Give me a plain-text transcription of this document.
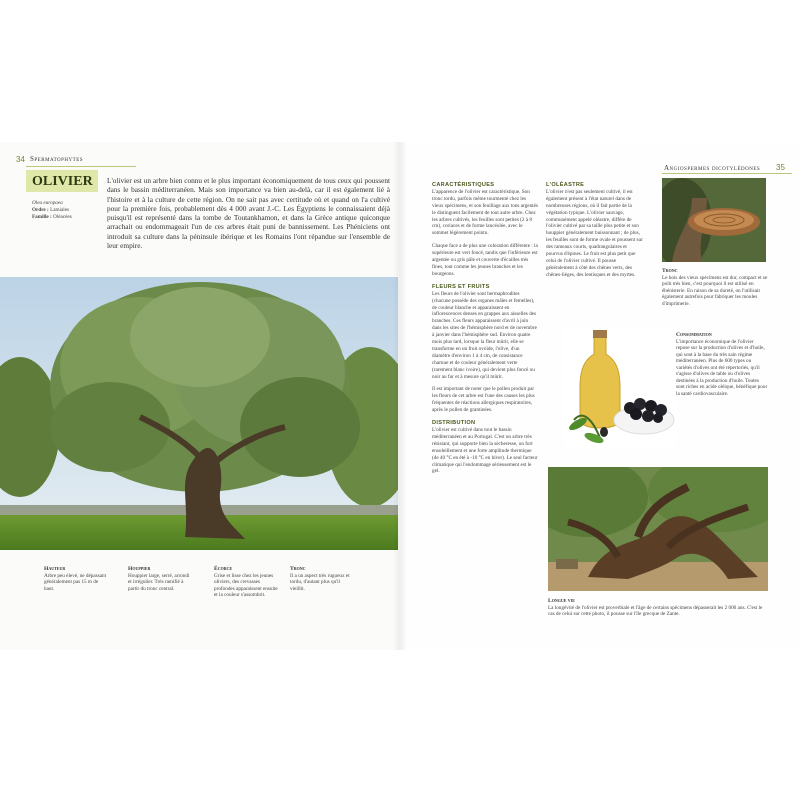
34 Spermatophytes
OLIVIER
Olea europaea
Ordre : Lamiales
Famille : Oléacées
L'olivier est un arbre bien connu et le plus important économiquement de tous ceux qui poussent dans le bassin méditerranéen. Mais son importance va bien au-delà, car il est également lié à l'histoire et à la culture de cette région. On ne sait pas avec certitude où et quand on l'a cultivé pour la première fois, probablement dès 4 000 avant J.-C. Les Égyptiens le connaissaient déjà puisqu'il est représenté dans la tombe de Toutankhamon, et dans la Grèce antique quiconque arrachait ou endommageait l'un de ces arbres était puni de bannissement. Les Phéniciens ont introduit sa culture dans la péninsule ibérique et les Romains l'ont répandue sur l'ensemble de leur empire.
Hauteur
Arbre peu élevé, ne dépassant généralement pas 15 m de haut.
Houppier
Houppier large, serré, arrondi et irrégulier. Très ramifié à partir du tronc central.
Écorce
Grise et lisse chez les jeunes oliviers, des crevasses profondes apparaissent ensuite et la couleur s'assombrit.
Tronc
Il a un aspect très rugueux et tordu, d'autant plus qu'il vieillit.
Angiospermes dicotylédones 35
CARACTÉRISTIQUES
L'apparence de l'olivier est caractéristique. Son tronc tordu, parfois même tourmenté chez les vieux spécimens, et son feuillage aux tons argentés le distinguent facilement de tout autre arbre. Chez les arbres cultivés, les feuilles sont petites (2 à 8 cm), coriaces et de forme lancéolée, avec le sommet légèrement pointu.
Chaque face a de plus une coloration différente : la supérieure est vert foncé, tandis que l'inférieure est argentée ou gris pâle et couverte d'écailles très fines, tout comme les jeunes branches et les bourgeons.
FLEURS ET FRUITS
Les fleurs de l'olivier sont hermaphrodites (chacune possède des organes mâles et femelles), de couleur blanche et apparaissent en inflorescences denses en grappes aux aisselles des branches. Ces fleurs apparaissent d'avril à juin dans les sites de l'hémisphère nord et de novembre à janvier dans l'hémisphère sud. Environ quatre mois plus tard, lorsque la fleur mûrit, elle se transforme en un fruit ovoïde, l'olive, d'un diamètre d'environ 1 à 4 cm, de consistance charnue et de couleur généralement verte (rarement blanc ivoire), qui devient plus foncé ou noir au fur et à mesure qu'il mûrit.
Il est important de noter que le pollen produit par les fleurs de cet arbre est l'une des causes les plus fréquentes de réactions allergiques respiratoires, après le pollen de graminées.
DISTRIBUTION
L'olivier est cultivé dans tout le bassin méditerranéen et au Portugal. C'est un arbre très résistant, qui supporte bien la sécheresse, un fort ensoleillement et une forte amplitude thermique (de 40 °C en été à -10 °C en hiver). Le seul facteur climatique qui l'endommage sérieusement est le gel.
L'OLÉASTRE
L'olivier n'est pas seulement cultivé, il est également présent à l'état naturel dans de nombreuses régions, où il fait partie de la végétation typique. L'olivier sauvage, communément appelé oléastre, diffère de l'olivier cultivé par sa taille plus petite et son houppier généralement buissonnant ; de plus, les feuilles sont de forme ovale et poussent sur des rameaux courts, quadrangulaires et pourvus d'épines. Le fruit est plus petit que celui de l'olivier cultivé. Il pousse généralement à côté des chênes verts, des chênes-lièges, des lentisques et des myrtes.
Tronc
Le bois des vieux spécimens est dur, compact et se polit très bien, c'est pourquoi il est utilisé en ébénisterie. En raison de sa dureté, on l'utilisait également autrefois pour fabriquer les moules d'imprimerie.
Consommation
L'importance économique de l'olivier repose sur la production d'olives et d'huile, qui sont à la base du très sain régime méditerranéen. Plus de 600 types ou variétés d'olives ont été répertoriés, qu'il s'agisse d'olives de table ou d'olives destinées à la production d'huile. Toutes sont riches en acide oléique, bénéfique pour la santé cardiovasculaire.
Longue vie
La longévité de l'olivier est proverbiale et l'âge de certains spécimens dépasserait les 2 000 ans. C'est le cas de celui sur cette photo, il pousse sur l'île grecque de Zante.
